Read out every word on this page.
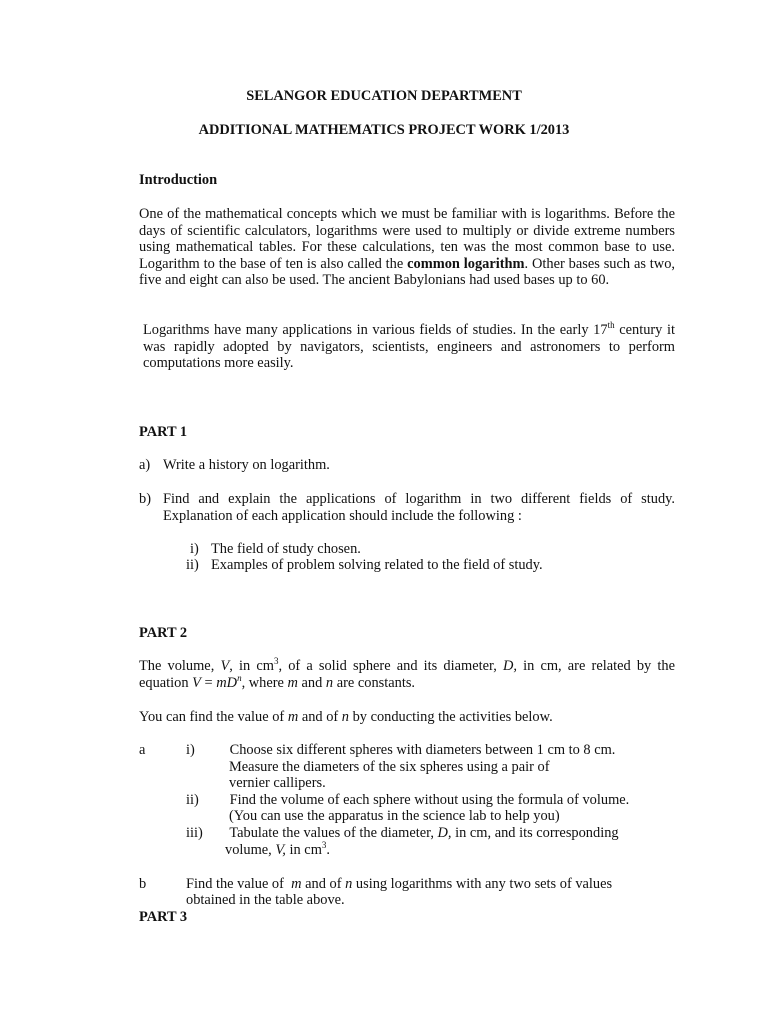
SELANGOR EDUCATION DEPARTMENT
ADDITIONAL MATHEMATICS PROJECT WORK 1/2013
Introduction

One of the mathematical concepts which we must be familiar with is logarithms. Before the days of scientific calculators, logarithms were used to multiply or divide extreme numbers using mathematical tables. For these calculations, ten was the most common base to use. Logarithm to the base of ten is also called the common logarithm. Other bases such as two, five and eight can also be used. The ancient Babylonians had used bases up to 60.

Logarithms have many applications in various fields of studies. In the early 17th century it was rapidly adopted by navigators, scientists, engineers and astronomers to perform computations more easily.

PART 1
a) Write a history on logarithm.
b) Find and explain the applications of logarithm in two different fields of study. Explanation of each application should include the following :

i) The field of study chosen.
ii) Examples of problem solving related to the field of study.
PART 2

The volume, V, in $cm^3$, of a solid sphere and its diameter, D, in cm, are related by the equation $V = mD^n$, where m and n are constants.

You can find the value of m and of n by conducting the activities below.

a	i) Choose six different spheres with diameters between 1 cm to 8 cm.
Measure the diameters of the six spheres using a pair of
vernier callipers.
ii) Find the volume of each sphere without using the formula of volume.
(You can use the apparatus in the science lab to help you)
iii) Tabulate the values of the diameter, D, in cm, and its corresponding
volume, V, in $cm^3$.
b	Find the value of  m and of n using logarithms with any two sets of values
obtained in the table above.
PART 3
